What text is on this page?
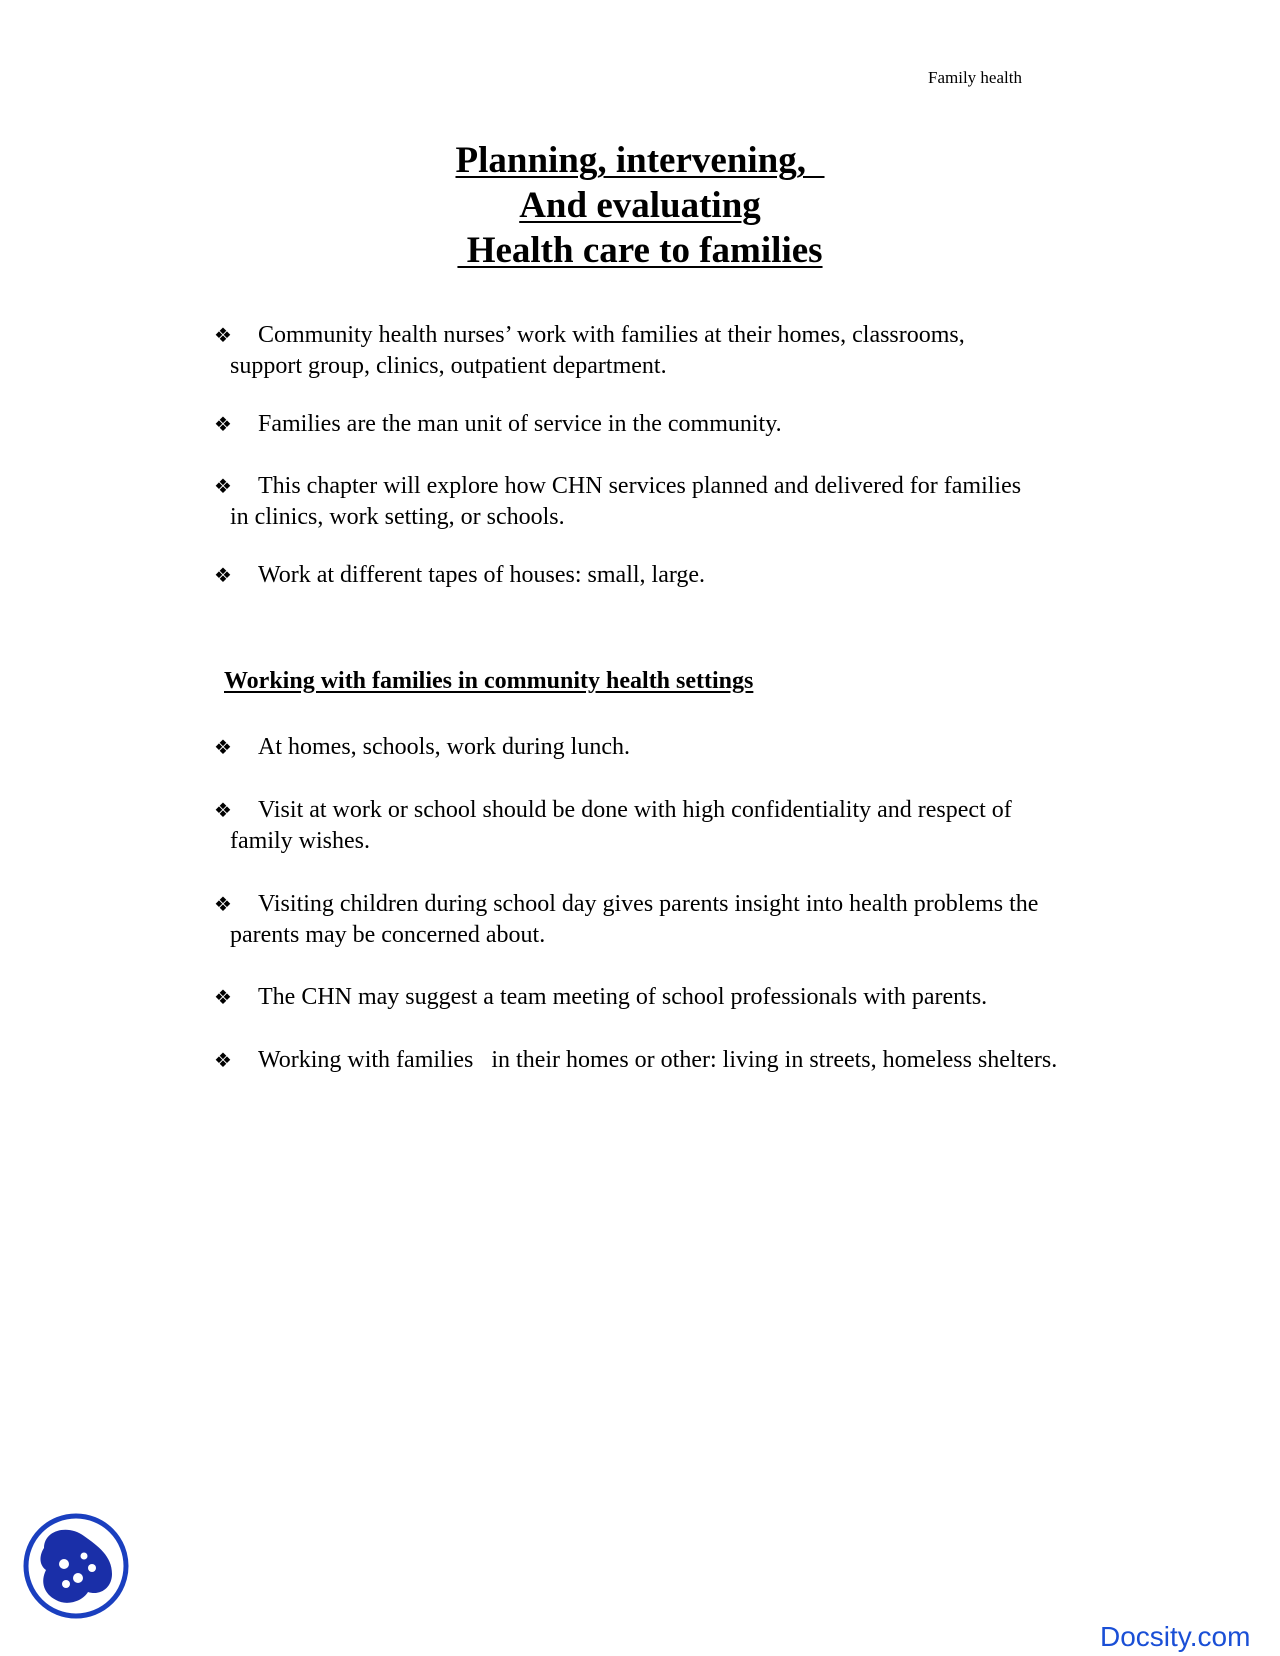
Family health
Planning, intervening,
And evaluating
Health care to families
❖	Community health nurses’ work with families at their homes, classrooms,
support group, clinics, outpatient department.
❖	Families are the man unit of service in the community.
❖	This chapter will explore how CHN services planned and delivered for families
in clinics, work setting, or schools.
❖	Work at different tapes of houses: small, large.
Working with families in community health settings
❖	At homes, schools, work during lunch.
❖	Visit at work or school should be done with high confidentiality and respect of
family wishes.
❖	Visiting children during school day gives parents insight into health problems the
parents may be concerned about.
❖	The CHN may suggest a team meeting of school professionals with parents.
❖	Working with families   in their homes or other: living in streets, homeless shelters.
Docsity.com
